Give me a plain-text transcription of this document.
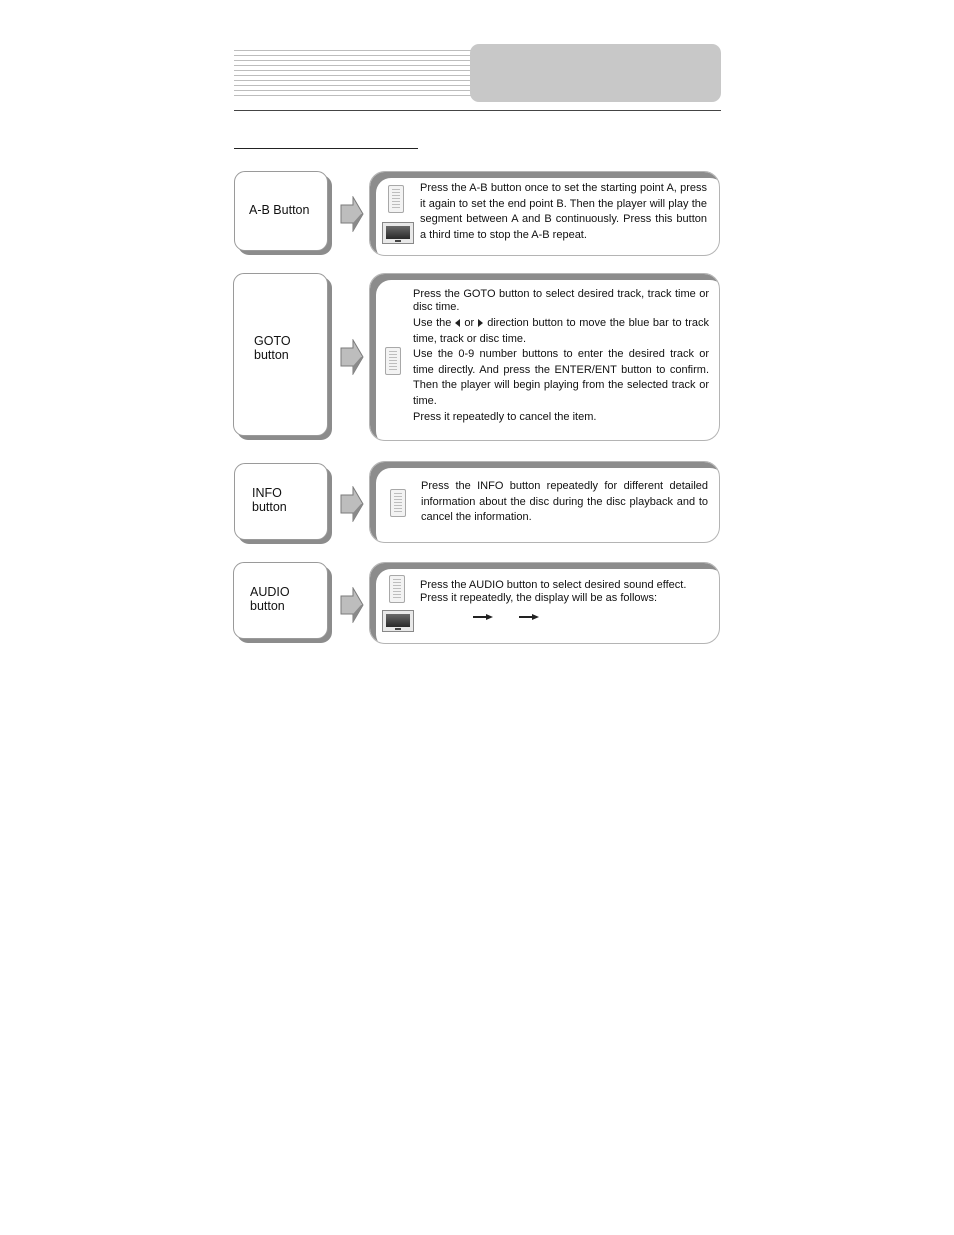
A-B Button

Press the A-B button once to set the starting point A, press it again to set the end point B. Then the player will play the segment between A and B continuously. Press this button a third time to stop the A-B repeat.

GOTO
button

Press the GOTO button to select desired track, track time or disc time.

Use the or direction button to move the blue bar to track time, track or disc time.

Use the 0-9 number buttons to enter the desired track or time directly. And press the ENTER/ENT button to confirm. Then the player will begin playing from the selected track or time.

Press it repeatedly to cancel the item.

INFO
button

Press the INFO button repeatedly for different detailed information about the disc during the disc playback and to cancel the information.

AUDIO
button

Press the AUDIO button to select desired sound effect. Press it repeatedly, the display will be as follows:
